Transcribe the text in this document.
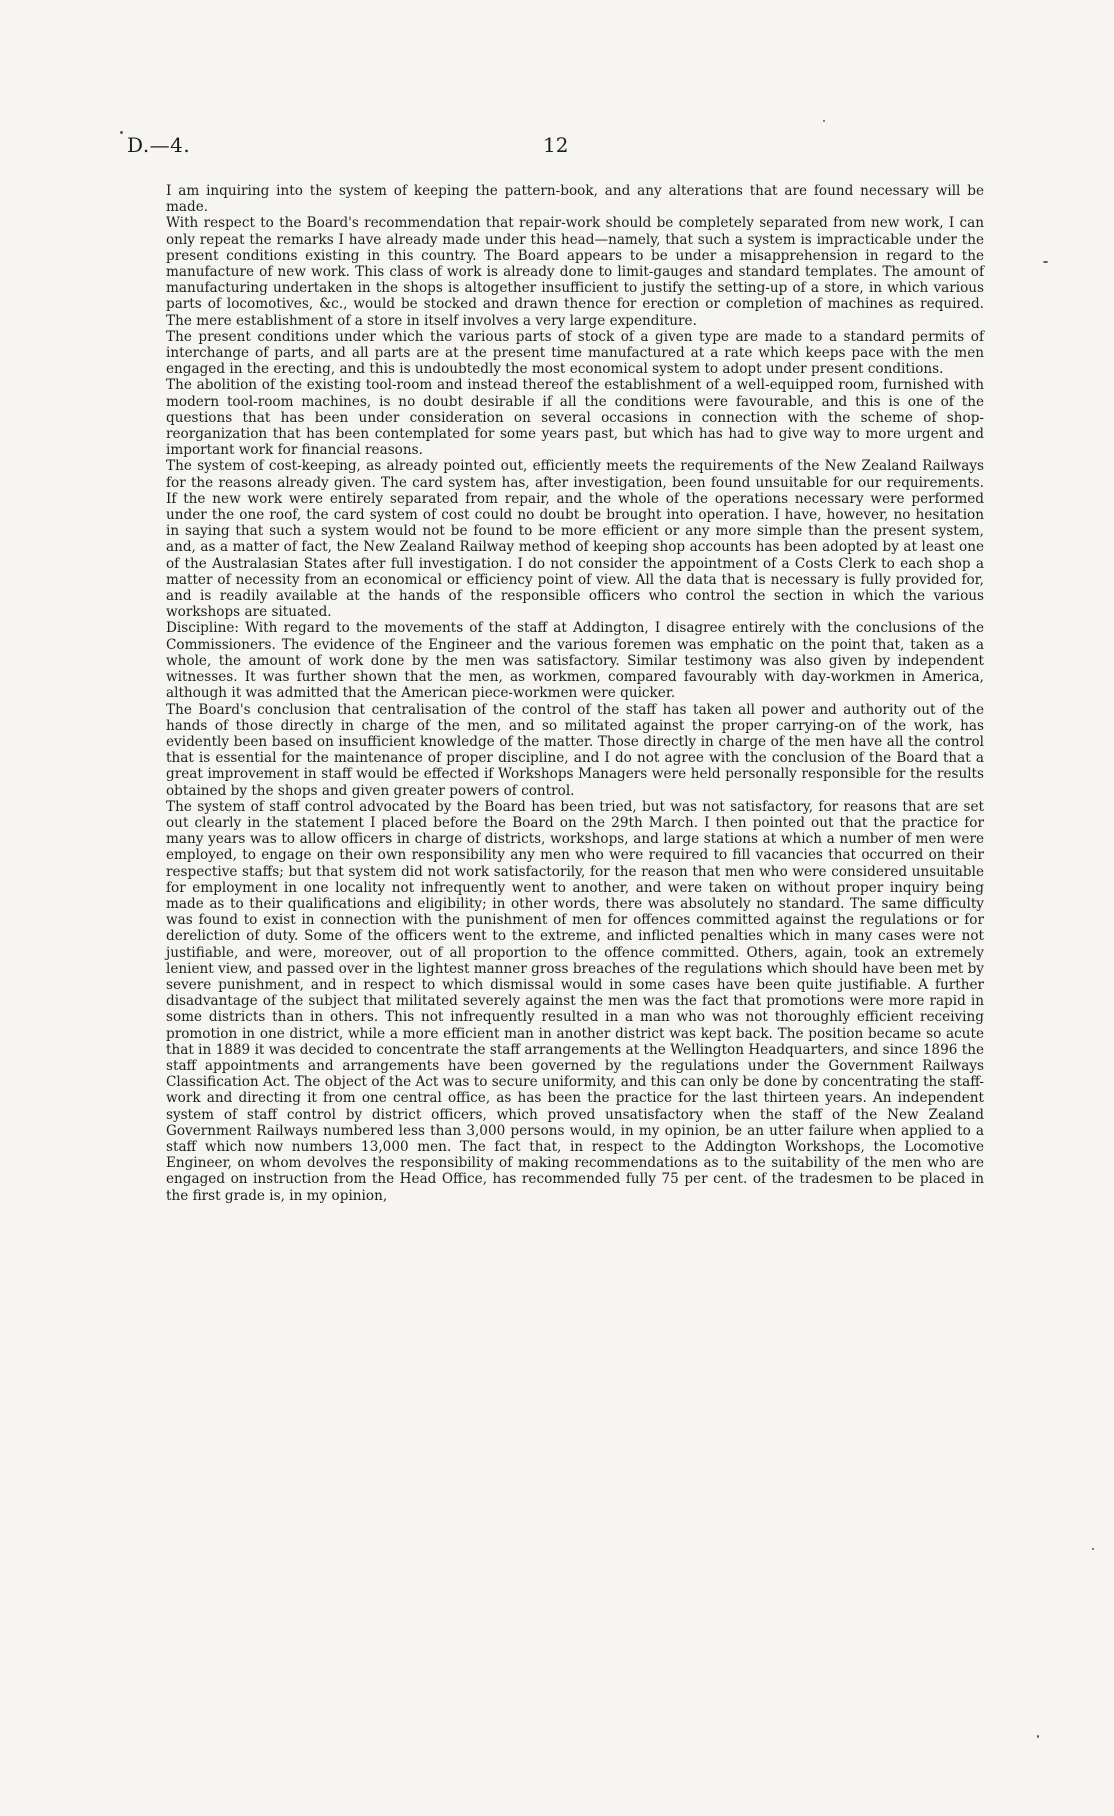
D.—4.	12

I am inquiring into the system of keeping the pattern-book, and any alterations that are found necessary will be made.

With respect to the Board's recommendation that repair-work should be completely separated from new work, I can only repeat the remarks I have already made under this head—namely, that such a system is impracticable under the present conditions existing in this country. The Board appears to be under a misapprehension in regard to the manufacture of new work. This class of work is already done to limit-gauges and standard templates. The amount of manufacturing undertaken in the shops is altogether insufficient to justify the setting-up of a store, in which various parts of locomotives, &c., would be stocked and drawn thence for erection or completion of machines as required. The mere establishment of a store in itself involves a very large expenditure.

The present conditions under which the various parts of stock of a given type are made to a standard permits of interchange of parts, and all parts are at the present time manufactured at a rate which keeps pace with the men engaged in the erecting, and this is undoubtedly the most economical system to adopt under present conditions.

The abolition of the existing tool-room and instead thereof the establishment of a well-equipped room, furnished with modern tool-room machines, is no doubt desirable if all the conditions were favourable, and this is one of the questions that has been under consideration on several occasions in connection with the scheme of shop-reorganization that has been contemplated for some years past, but which has had to give way to more urgent and important work for financial reasons.

The system of cost-keeping, as already pointed out, efficiently meets the requirements of the New Zealand Railways for the reasons already given. The card system has, after investigation, been found unsuitable for our requirements. If the new work were entirely separated from repair, and the whole of the operations necessary were performed under the one roof, the card system of cost could no doubt be brought into operation. I have, however, no hesitation in saying that such a system would not be found to be more efficient or any more simple than the present system, and, as a matter of fact, the New Zealand Railway method of keeping shop accounts has been adopted by at least one of the Australasian States after full investigation. I do not consider the appointment of a Costs Clerk to each shop a matter of necessity from an economical or efficiency point of view. All the data that is necessary is fully provided for, and is readily available at the hands of the responsible officers who control the section in which the various workshops are situated.

Discipline: With regard to the movements of the staff at Addington, I disagree entirely with the conclusions of the Commissioners. The evidence of the Engineer and the various foremen was emphatic on the point that, taken as a whole, the amount of work done by the men was satisfactory. Similar testimony was also given by independent witnesses. It was further shown that the men, as workmen, compared favourably with day-workmen in America, although it was admitted that the American piece-workmen were quicker.

The Board's conclusion that centralisation of the control of the staff has taken all power and authority out of the hands of those directly in charge of the men, and so militated against the proper carrying-on of the work, has evidently been based on insufficient knowledge of the matter. Those directly in charge of the men have all the control that is essential for the maintenance of proper discipline, and I do not agree with the conclusion of the Board that a great improvement in staff would be effected if Workshops Managers were held personally responsible for the results obtained by the shops and given greater powers of control.

The system of staff control advocated by the Board has been tried, but was not satisfactory, for reasons that are set out clearly in the statement I placed before the Board on the 29th March. I then pointed out that the practice for many years was to allow officers in charge of districts, workshops, and large stations at which a number of men were employed, to engage on their own responsibility any men who were required to fill vacancies that occurred on their respective staffs; but that system did not work satisfactorily, for the reason that men who were considered unsuitable for employment in one locality not infrequently went to another, and were taken on without proper inquiry being made as to their qualifications and eligibility; in other words, there was absolutely no standard. The same difficulty was found to exist in connection with the punishment of men for offences committed against the regulations or for dereliction of duty. Some of the officers went to the extreme, and inflicted penalties which in many cases were not justifiable, and were, moreover, out of all proportion to the offence committed. Others, again, took an extremely lenient view, and passed over in the lightest manner gross breaches of the regulations which should have been met by severe punishment, and in respect to which dismissal would in some cases have been quite justifiable. A further disadvantage of the subject that militated severely against the men was the fact that promotions were more rapid in some districts than in others. This not infrequently resulted in a man who was not thoroughly efficient receiving promotion in one district, while a more efficient man in another district was kept back. The position became so acute that in 1889 it was decided to concentrate the staff arrangements at the Wellington Headquarters, and since 1896 the staff appointments and arrangements have been governed by the regulations under the Government Railways Classification Act. The object of the Act was to secure uniformity, and this can only be done by concentrating the staff-work and directing it from one central office, as has been the practice for the last thirteen years. An independent system of staff control by district officers, which proved unsatisfactory when the staff of the New Zealand Government Railways numbered less than 3,000 persons would, in my opinion, be an utter failure when applied to a staff which now numbers 13,000 men. The fact that, in respect to the Addington Workshops, the Locomotive Engineer, on whom devolves the responsibility of making recommendations as to the suitability of the men who are engaged on instruction from the Head Office, has recommended fully 75 per cent. of the tradesmen to be placed in the first grade is, in my opinion,
